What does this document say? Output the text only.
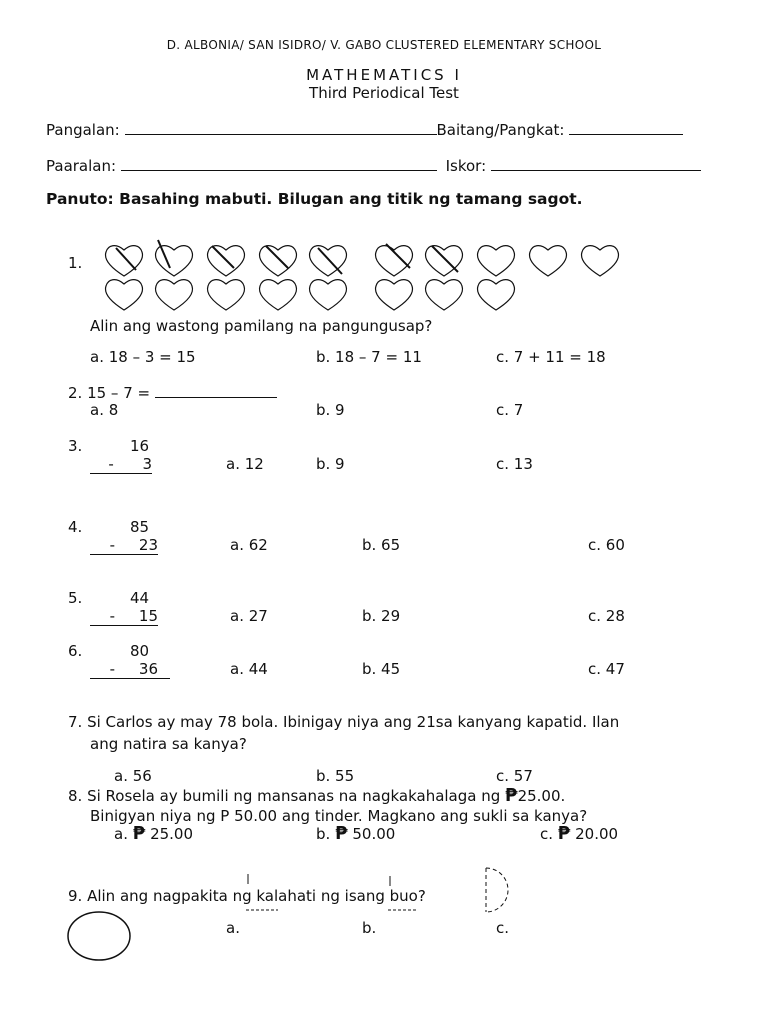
D. ALBONIA/ SAN ISIDRO/ V. GABO CLUSTERED ELEMENTARY SCHOOL
MATHEMATICS I
Third Periodical Test
Pangalan:	Baitang/Pangkat:
Paaralan:	Iskor:
Panuto: Basahing mabuti. Bilugan ang titik ng tamang sagot.
1.
Alin ang wastong pamilang na pangungusap?
a. 18 – 3 = 15	b. 18 – 7 = 11	c. 7 + 11 = 18
2. 15 – 7 =
a. 8	b. 9	c. 7
3.	16
-      3	a. 12	b. 9	c. 13
4.	85
-     23	a. 62	b. 65	c. 60
5.	44
-     15	a. 27	b. 29	c. 28
6.	80
-     36	a. 44	b. 45	c. 47
7. Si Carlos ay may 78 bola. Ibinigay niya ang 21sa kanyang kapatid. Ilan
ang natira sa kanya?
a. 56	b. 55	c. 57
8. Si Rosela ay bumili ng mansanas na nagkakahalaga ng ₱25.00.
Binigyan niya ng P 50.00 ang tinder. Magkano ang sukli sa kanya?
a. ₱ 25.00	b. ₱ 50.00	c. ₱ 20.00
9. Alin ang nagpakita ng kalahati ng isang buo?
a.	b.	c.
